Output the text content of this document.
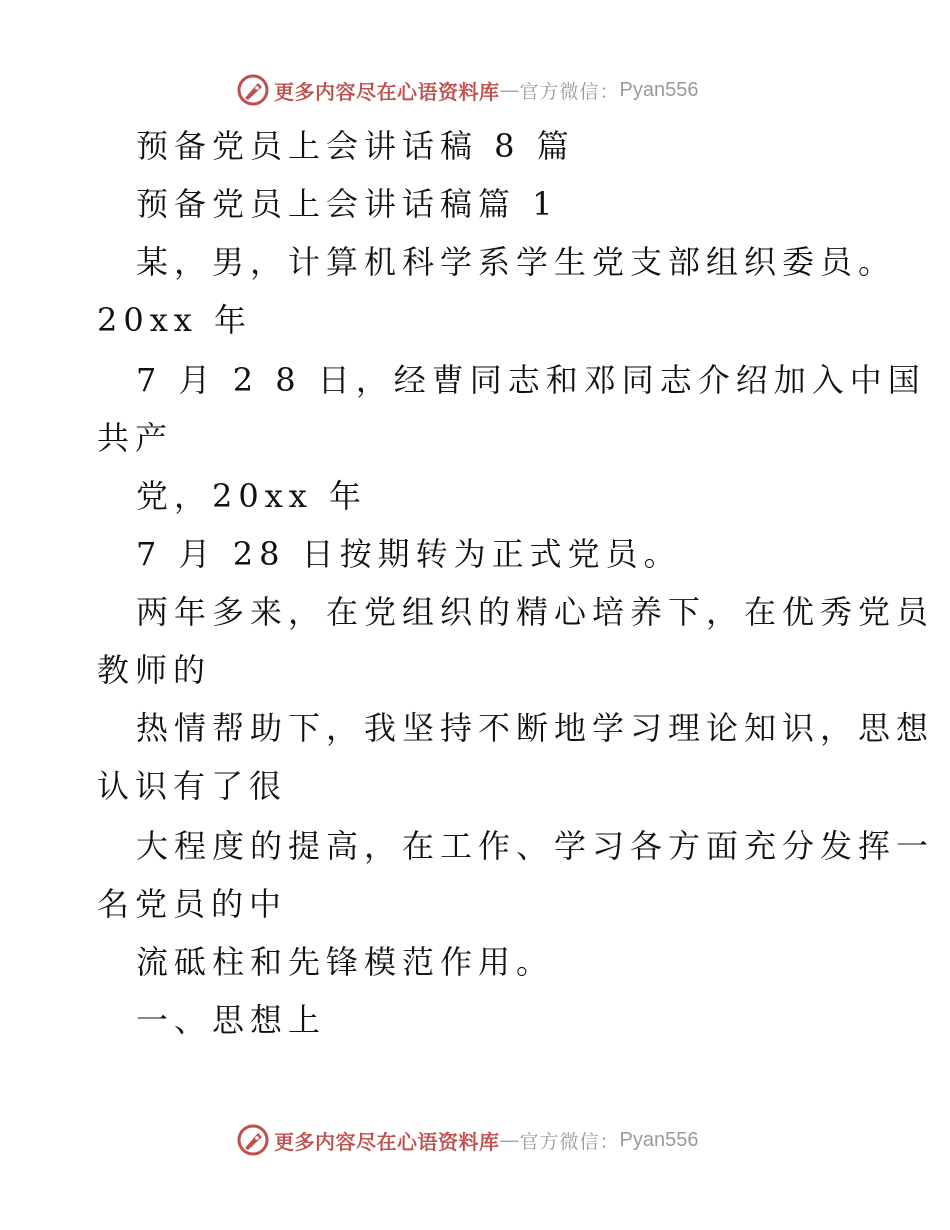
更多内容尽在心语资料库 — 官方微信： Pyan556
预备党员上会讲话稿 8 篇
预备党员上会讲话稿篇 1
某，男，计算机科学系学生党支部组织委员。
20xx 年
7 月 2 8 日，经曹同志和邓同志介绍加入中国
共产
党，20xx 年
7 月 28 日按期转为正式党员。
两年多来，在党组织的精心培养下，在优秀党员
教师的
热情帮助下，我坚持不断地学习理论知识，思想
认识有了很
大程度的提高，在工作、学习各方面充分发挥一
名党员的中
流砥柱和先锋模范作用。
一、思想上
更多内容尽在心语资料库 — 官方微信： Pyan556
